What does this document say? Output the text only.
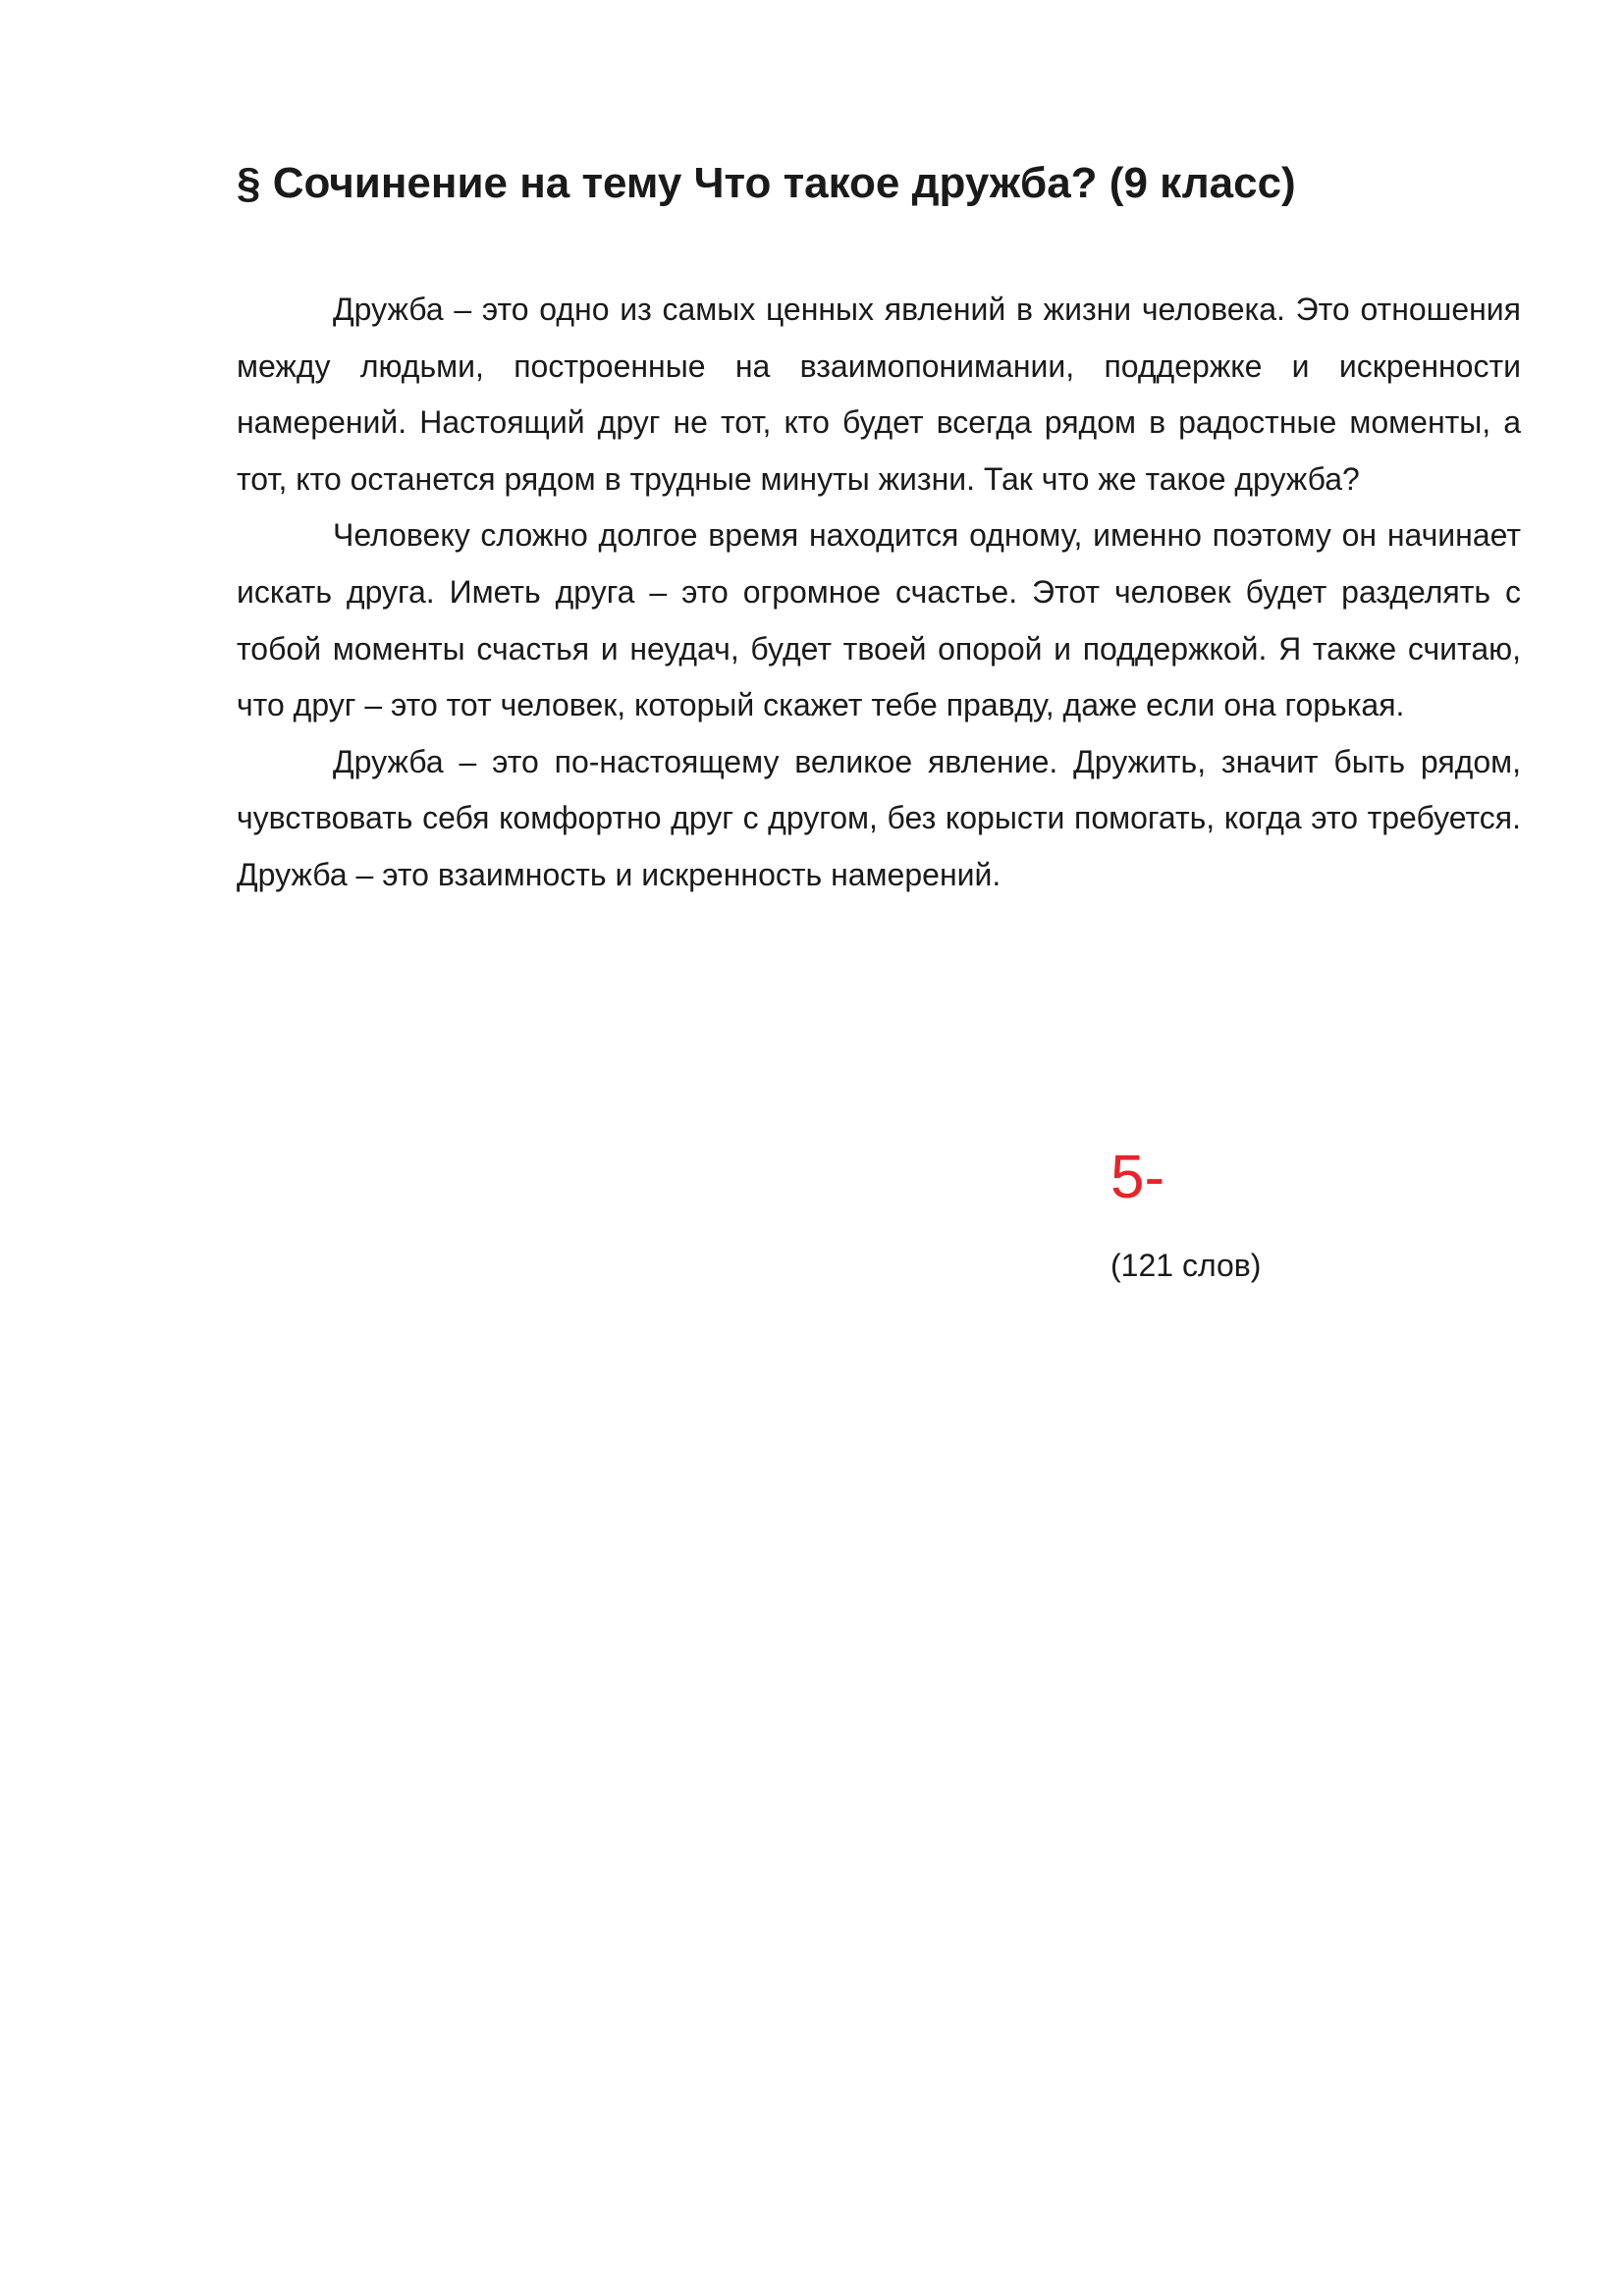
§ Сочинение на тему Что такое дружба? (9 класс)

Дружба – это одно из самых ценных явлений в жизни человека. Это отношения между людьми, построенные на взаимопонимании, поддержке и искренности намерений. Настоящий друг не тот, кто будет всегда рядом в радостные моменты, а тот, кто останется рядом в трудные минуты жизни. Так что же такое дружба?

Человеку сложно долгое время находится одному, именно поэтому он начинает искать друга. Иметь друга – это огромное счастье. Этот человек будет разделять с тобой моменты счастья и неудач, будет твоей опорой и поддержкой. Я также считаю, что друг – это тот человек, который скажет тебе правду, даже если она горькая.

Дружба – это по-настоящему великое явление. Дружить, значит быть рядом, чувствовать себя комфортно друг с другом, без корысти помогать, когда это требуется. Дружба – это взаимность и искренность намерений.

5-
(121 слов)
